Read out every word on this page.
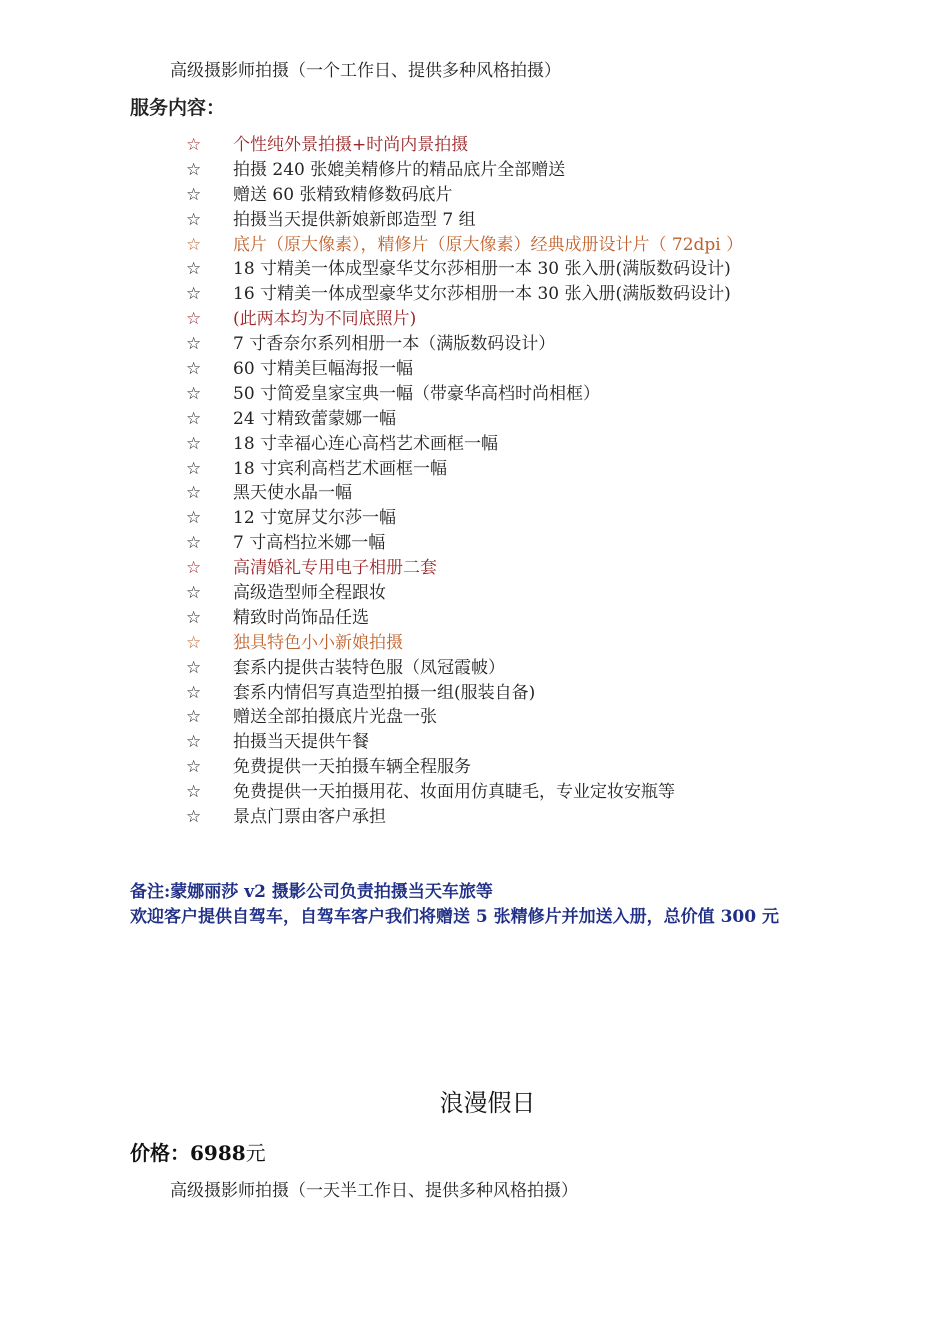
高级摄影师拍摄（一个工作日、提供多种风格拍摄）
服务内容：
☆	个性纯外景拍摄+时尚内景拍摄
☆	拍摄 240 张媲美精修片的精品底片全部赠送
☆	赠送 60 张精致精修数码底片
☆	拍摄当天提供新娘新郎造型 7 组
☆	底片（原大像素），精修片（原大像素）经典成册设计片（ 72dpi ）
☆	18 寸精美一体成型豪华艾尔莎相册一本 30 张入册(满版数码设计)
☆	16 寸精美一体成型豪华艾尔莎相册一本 30 张入册(满版数码设计)
☆	(此两本均为不同底照片)
☆	7 寸香奈尔系列相册一本（满版数码设计）
☆	60 寸精美巨幅海报一幅
☆	50 寸简爱皇家宝典一幅（带豪华高档时尚相框）
☆	24 寸精致蕾蒙娜一幅
☆	18 寸幸福心连心高档艺术画框一幅
☆	18 寸宾利高档艺术画框一幅
☆	黑天使水晶一幅
☆	12 寸宽屏艾尔莎一幅
☆	7 寸高档拉米娜一幅
☆	高清婚礼专用电子相册二套
☆	高级造型师全程跟妆
☆	精致时尚饰品任选
☆	独具特色小小新娘拍摄
☆	套系内提供古装特色服（凤冠霞帔）
☆	套系内情侣写真造型拍摄一组(服装自备)
☆	赠送全部拍摄底片光盘一张
☆	拍摄当天提供午餐
☆	免费提供一天拍摄车辆全程服务
☆	免费提供一天拍摄用花、妆面用仿真睫毛，专业定妆安瓶等
☆	景点门票由客户承担
备注:蒙娜丽莎 v2 摄影公司负责拍摄当天车旅等
欢迎客户提供自驾车，自驾车客户我们将赠送 5 张精修片并加送入册，总价值 300 元
浪漫假日
价格：6988元
高级摄影师拍摄（一天半工作日、提供多种风格拍摄）
